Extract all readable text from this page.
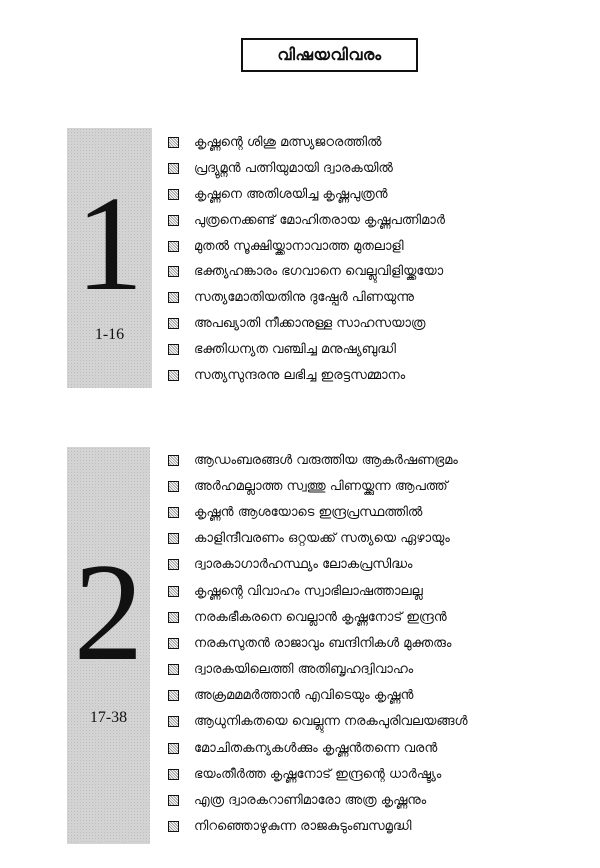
വിഷയവിവരം
1
1-16
കൃഷ്ണന്റെ ശിശു മത്സ്യജഠരത്തിൽ
പ്രദ്യുമ്നൻ പത്നിയുമായി ദ്വാരകയിൽ
കൃഷ്ണനെ അതിശയിച്ച കൃഷ്ണപുത്രൻ
പുത്രനെക്കണ്ട് മോഹിതരായ കൃഷ്ണപത്നിമാർ
മുതൽ സൂക്ഷിയ്ക്കാനാവാത്ത മുതലാളി
ഭക്ത്യഹങ്കാരം ഭഗവാനെ വെല്ലുവിളിയ്ക്കയോ
സത്യമോതിയതിനു ദുഷ്പേർ പിണയുന്നു
അപഖ്യാതി നീക്കാനുള്ള സാഹസയാത്ര
ഭക്തിധന്യത വഞ്ചിച്ച മനുഷ്യബുദ്ധി
സത്യസുന്ദരനു ലഭിച്ച ഇരട്ടസമ്മാനം
2
17-38
ആഡംബരങ്ങൾ വരുത്തിയ ആകർഷണഭ്രമം
അർഹമല്ലാത്ത സ്വത്തു പിണയ്ക്കുന്ന ആപത്ത്
കൃഷ്ണൻ ആശയോടെ ഇന്ദ്രപ്രസ്ഥത്തിൽ
കാളിന്ദീവരണം ഒറ്റയക്ക് സത്യയെ ഏഴായും
ദ്വാരകാഗാർഹസ്ഥ്യം ലോകപ്രസിദ്ധം
കൃഷ്ണന്റെ വിവാഹം സ്വാഭിലാഷത്താലല്ല
നരകഭീകരനെ വെല്ലാൻ കൃഷ്ണനോട് ഇന്ദ്രൻ
നരകസുതൻ രാജാവും ബന്ദിനികൾ മുക്തരും
ദ്വാരകയിലെത്തി അതിബൃഹദ്വിവാഹം
അക്രമമമർത്താൻ എവിടെയും കൃഷ്ണൻ
ആധുനികതയെ വെല്ലുന്ന നരകപുരിവലയങ്ങൾ
മോചിതകന്യകൾക്കും കൃഷ്ണൻതന്നെ വരൻ
ഭയംതീർത്ത കൃഷ്ണനോട് ഇന്ദ്രന്റെ ധാർഷ്ട്യം
എത്ര ദ്വാരകറാണിമാരോ അത്ര കൃഷ്ണനും
നിറഞ്ഞൊഴുകുന്ന രാജകുടുംബസമൃദ്ധി
